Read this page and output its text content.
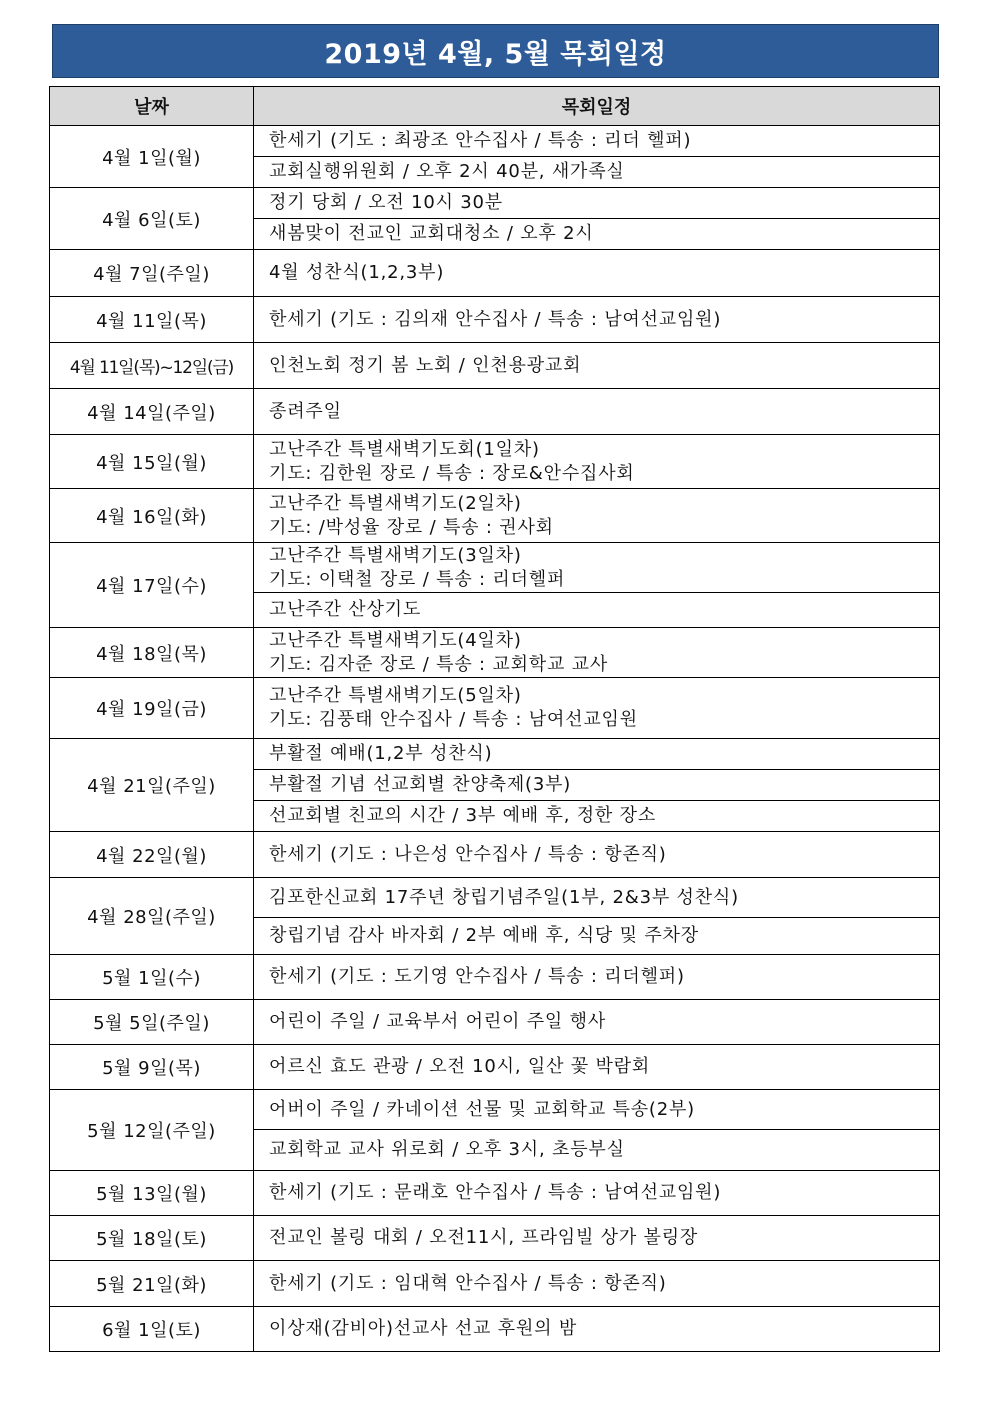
2019년 4월, 5월 목회일정
날짜	목회일정
4월 1일(월)	한세기 (기도 : 최광조 안수집사 / 특송 : 리더 헬퍼)

	교회실행위원회 / 오후 2시 40분, 새가족실

4월 6일(토)	정기 당회 / 오전 10시 30분

	새봄맞이 전교인 교회대청소 / 오후 2시

4월 7일(주일)	4월 성찬식(1,2,3부)

4월 11일(목)	한세기 (기도 : 김의재 안수집사 / 특송 : 남여선교임원)

4월 11일(목)~12일(금)	인천노회 정기 봄 노회 / 인천용광교회

4월 14일(주일)	종려주일

4월 15일(월)	고난주간 특별새벽기도회(1일차)
기도: 김한원 장로 / 특송 : 장로&안수집사회

4월 16일(화)	고난주간 특별새벽기도(2일차)
기도: /박성율 장로 / 특송 : 권사회

4월 17일(수)	고난주간 특별새벽기도(3일차)
기도: 이택철 장로 / 특송 : 리더헬퍼

	고난주간 산상기도

4월 18일(목)	고난주간 특별새벽기도(4일차)
기도: 김자준 장로 / 특송 : 교회학교 교사

4월 19일(금)	고난주간 특별새벽기도(5일차)
기도: 김풍태 안수집사 / 특송 : 남여선교임원

4월 21일(주일)	부활절 예배(1,2부 성찬식)

	부활절 기념 선교회별 찬양축제(3부)

	선교회별 친교의 시간 / 3부 예배 후, 정한 장소

4월 22일(월)	한세기 (기도 : 나은성 안수집사 / 특송 : 항존직)

4월 28일(주일)	김포한신교회 17주년 창립기념주일(1부, 2&3부 성찬식)

	창립기념 감사 바자회 / 2부 예배 후, 식당 및 주차장

5월 1일(수)	한세기 (기도 : 도기영 안수집사 / 특송 : 리더헬퍼)

5월 5일(주일)	어린이 주일 / 교육부서 어린이 주일 행사

5월 9일(목)	어르신 효도 관광 / 오전 10시, 일산 꽃 박람회

5월 12일(주일)	어버이 주일 / 카네이션 선물 및 교회학교 특송(2부)

	교회학교 교사 위로회 / 오후 3시, 초등부실

5월 13일(월)	한세기 (기도 : 문래호 안수집사 / 특송 : 남여선교임원)

5월 18일(토)	전교인 볼링 대회 / 오전11시, 프라임빌 상가 볼링장

5월 21일(화)	한세기 (기도 : 임대혁 안수집사 / 특송 : 항존직)

6월 1일(토)	이상재(감비아)선교사 선교 후원의 밤
